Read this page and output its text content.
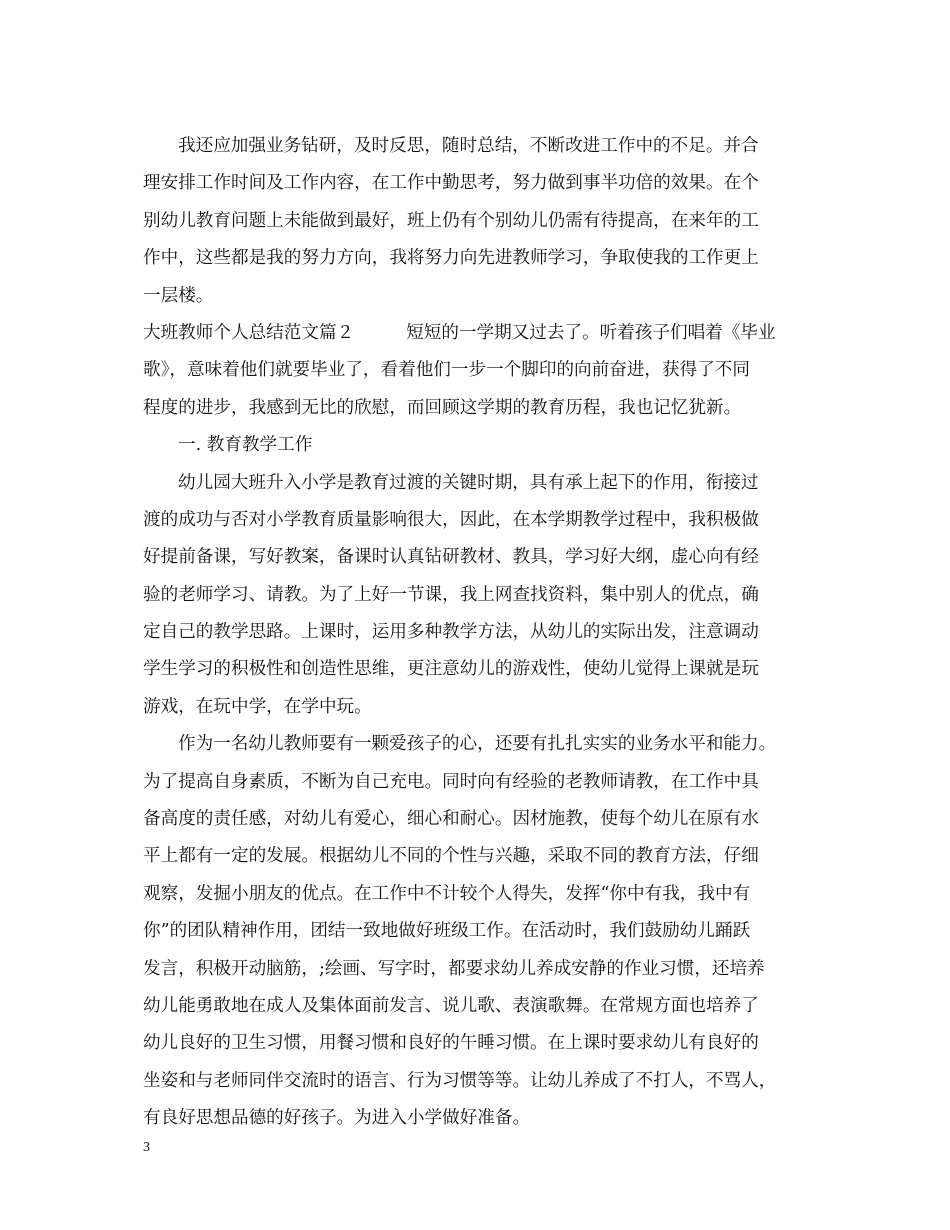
我还应加强业务钻研，及时反思，随时总结，不断改进工作中的不足。并合
理安排工作时间及工作内容，在工作中勤思考，努力做到事半功倍的效果。在个
别幼儿教育问题上未能做到最好，班上仍有个别幼儿仍需有待提高，在来年的工
作中，这些都是我的努力方向，我将努力向先进教师学习，争取使我的工作更上
一层楼。
大班教师个人总结范文篇２	短短的一学期又过去了。听着孩子们唱着《毕业
歌》，意味着他们就要毕业了，看着他们一步一个脚印的向前奋进，获得了不同
程度的进步，我感到无比的欣慰，而回顾这学期的教育历程，我也记忆犹新。
一. 教育教学工作
幼儿园大班升入小学是教育过渡的关键时期，具有承上起下的作用，衔接过
渡的成功与否对小学教育质量影响很大，因此，在本学期教学过程中，我积极做
好提前备课，写好教案，备课时认真钻研教材、教具，学习好大纲，虚心向有经
验的老师学习、请教。为了上好一节课，我上网查找资料，集中别人的优点，确
定自己的教学思路。上课时，运用多种教学方法，从幼儿的实际出发，注意调动
学生学习的积极性和创造性思维，更注意幼儿的游戏性，使幼儿觉得上课就是玩
游戏，在玩中学，在学中玩。
作为一名幼儿教师要有一颗爱孩子的心，还要有扎扎实实的业务水平和能力。
为了提高自身素质，不断为自己充电。同时向有经验的老教师请教，在工作中具
备高度的责任感，对幼儿有爱心，细心和耐心。因材施教，使每个幼儿在原有水
平上都有一定的发展。根据幼儿不同的个性与兴趣，采取不同的教育方法，仔细
观察，发掘小朋友的优点。在工作中不计较个人得失，发挥“你中有我，我中有
你”的团队精神作用，团结一致地做好班级工作。在活动时，我们鼓励幼儿踊跃
发言，积极开动脑筋，;绘画、写字时，都要求幼儿养成安静的作业习惯，还培养
幼儿能勇敢地在成人及集体面前发言、说儿歌、表演歌舞。在常规方面也培养了
幼儿良好的卫生习惯，用餐习惯和良好的午睡习惯。在上课时要求幼儿有良好的
坐姿和与老师同伴交流时的语言、行为习惯等等。让幼儿养成了不打人，不骂人，
有良好思想品德的好孩子。为进入小学做好准备。
3
